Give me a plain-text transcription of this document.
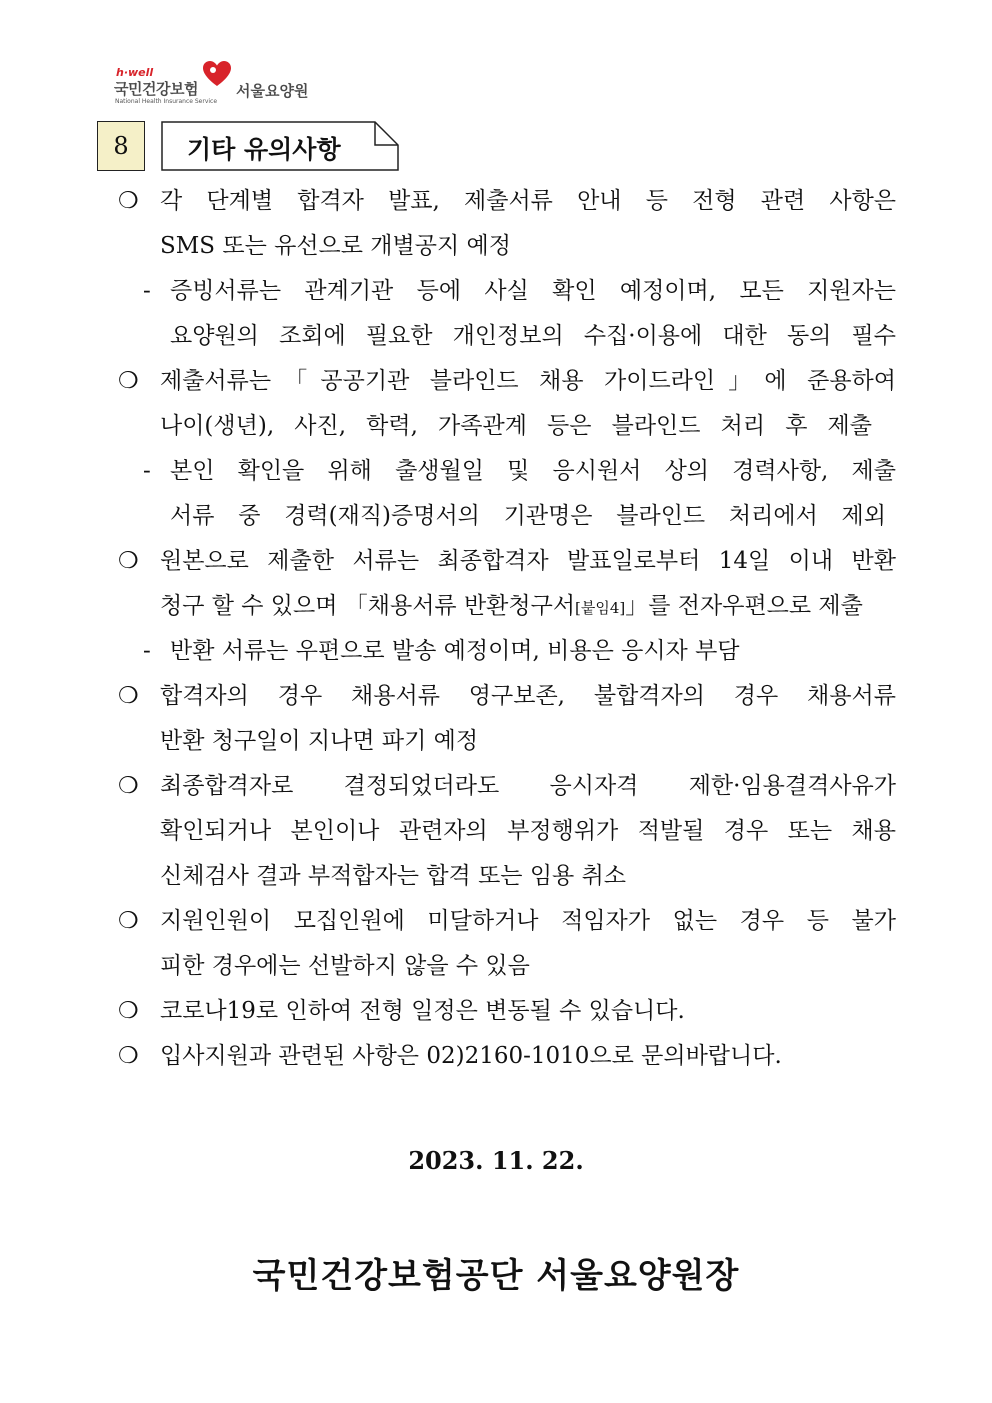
h·well
국민건강보험
National Health Insurance Service
서울요양원
8	기타 유의사항
❍ 각 단계별 합격자 발표, 제출서류 안내 등 전형 관련 사항은
SMS 또는 유선으로 개별공지 예정
- 증빙서류는 관계기관 등에 사실 확인 예정이며, 모든 지원자는
요양원의 조회에 필요한 개인정보의 수집·이용에 대한 동의 필수
❍ 제출서류는「공공기관 블라인드 채용 가이드라인」에 준용하여
나이(생년), 사진, 학력, 가족관계 등은 블라인드 처리 후 제출
- 본인 확인을 위해 출생월일 및 응시원서 상의 경력사항, 제출
서류 중 경력(재직)증명서의 기관명은 블라인드 처리에서 제외
❍ 원본으로 제출한 서류는 최종합격자 발표일로부터 14일 이내 반환
청구 할 수 있으며 「채용서류 반환청구서[붙임4]」를 전자우편으로 제출
- 반환 서류는 우편으로 발송 예정이며, 비용은 응시자 부담
❍ 합격자의 경우 채용서류 영구보존, 불합격자의 경우 채용서류
반환 청구일이 지나면 파기 예정
❍ 최종합격자로 결정되었더라도 응시자격 제한·임용결격사유가
확인되거나 본인이나 관련자의 부정행위가 적발될 경우 또는 채용
신체검사 결과 부적합자는 합격 또는 임용 취소
❍ 지원인원이 모집인원에 미달하거나 적임자가 없는 경우 등 불가
피한 경우에는 선발하지 않을 수 있음
❍ 코로나19로 인하여 전형 일정은 변동될 수 있습니다.
❍ 입사지원과 관련된 사항은 02)2160-1010으로 문의바랍니다.
2023. 11. 22.
국민건강보험공단 서울요양원장
